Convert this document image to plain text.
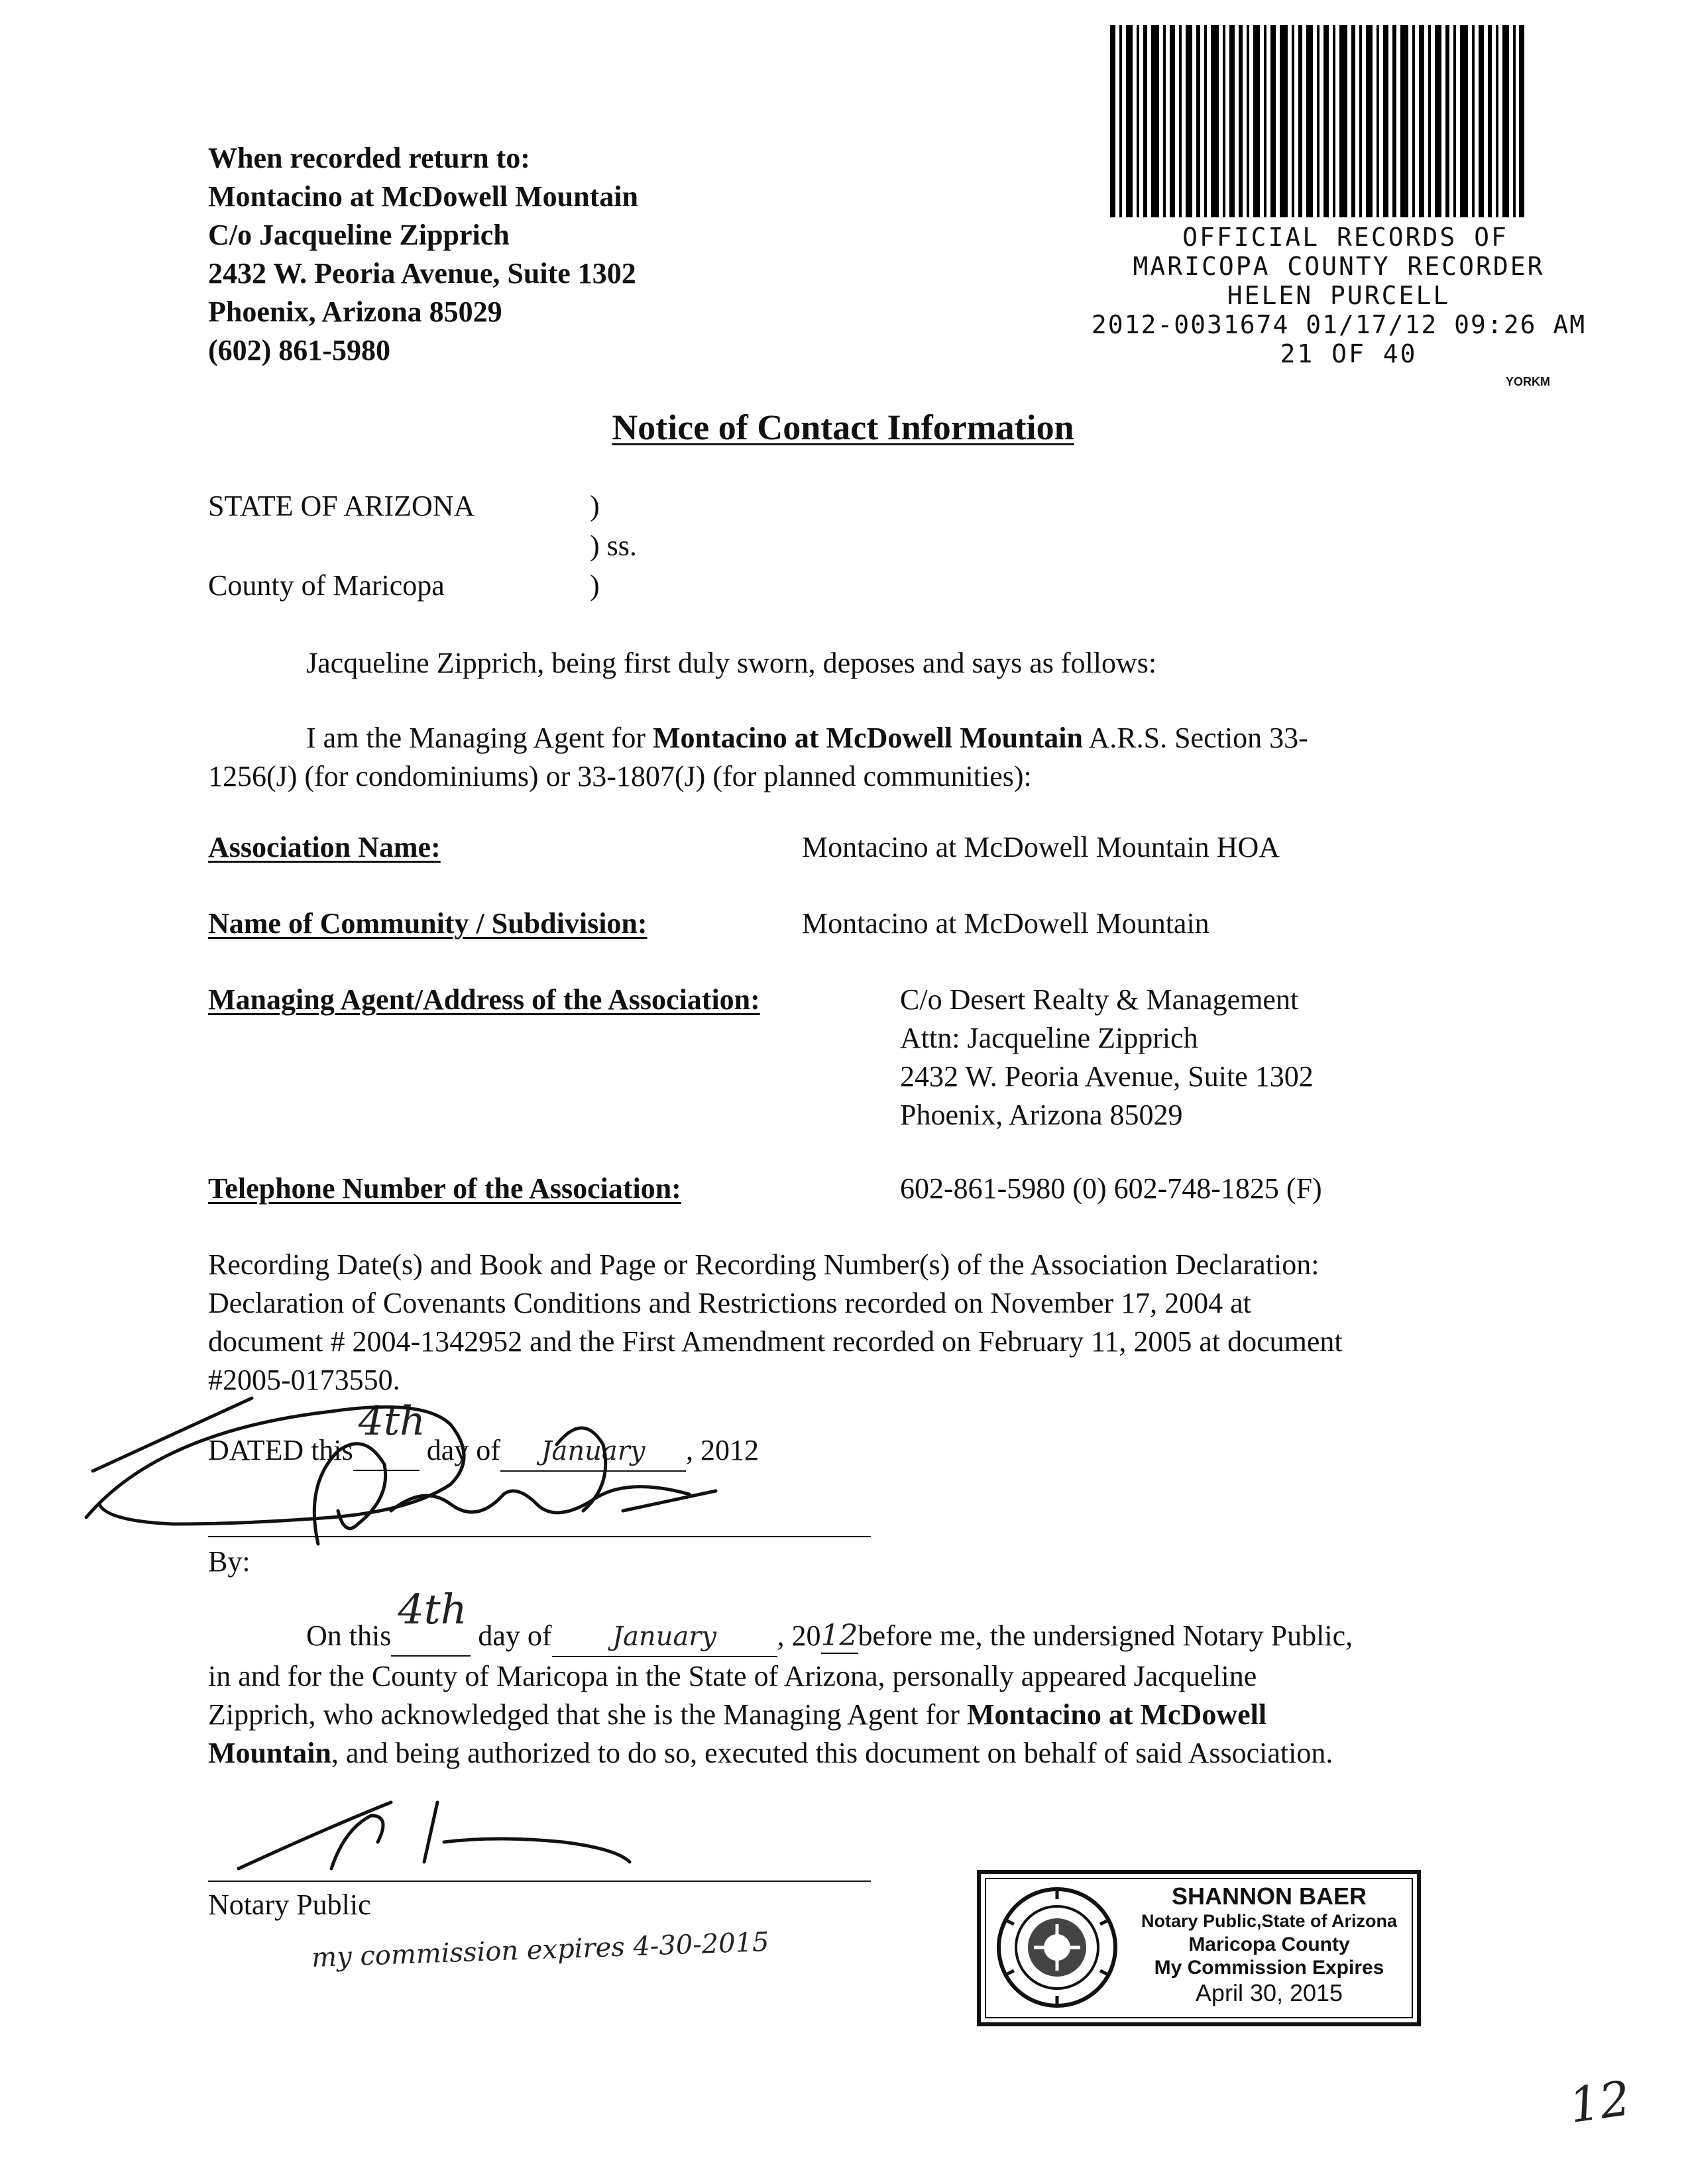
When recorded return to:
Montacino at McDowell Mountain
C/o Jacqueline Zipprich
2432 W. Peoria Avenue, Suite 1302
Phoenix, Arizona 85029
(602) 861-5980
OFFICIAL RECORDS OF
MARICOPA COUNTY RECORDER
HELEN PURCELL
2012-0031674 01/17/12 09:26 AM
21 OF 40
YORKM
Notice of Contact Information
STATE OF ARIZONA	)
) ss.
County of Maricopa	)
Jacqueline Zipprich, being first duly sworn, deposes and says as follows:
I am the Managing Agent for Montacino at McDowell Mountain A.R.S. Section 33-
1256(J) (for condominiums) or 33-1807(J) (for planned communities):
Association Name:	Montacino at McDowell Mountain HOA
Name of Community / Subdivision:	Montacino at McDowell Mountain
Managing Agent/Address of the Association:	C/o Desert Realty & Management
Attn: Jacqueline Zipprich
2432 W. Peoria Avenue, Suite 1302
Phoenix, Arizona 85029
Telephone Number of the Association:	602-861-5980 (0) 602-748-1825 (F)
Recording Date(s) and Book and Page or Recording Number(s) of the Association Declaration:
Declaration of Covenants Conditions and Restrictions recorded on November 17, 2004 at
document # 2004-1342952 and the First Amendment recorded on February 11, 2005 at document
#2005-0173550.
DATED this
4th
day of January , 2012
By:
On this
4th
day of January , 2012before me, the undersigned Notary Public,
in and for the County of Maricopa in the State of Arizona, personally appeared Jacqueline
Zipprich, who acknowledged that she is the Managing Agent for Montacino at McDowell
Mountain, and being authorized to do so, executed this document on behalf of said Association.
Notary Public
my commission expires 4-30-2015
SHANNON BAER
Notary Public,State of Arizona
Maricopa County
My Commission Expires
April 30, 2015
12
